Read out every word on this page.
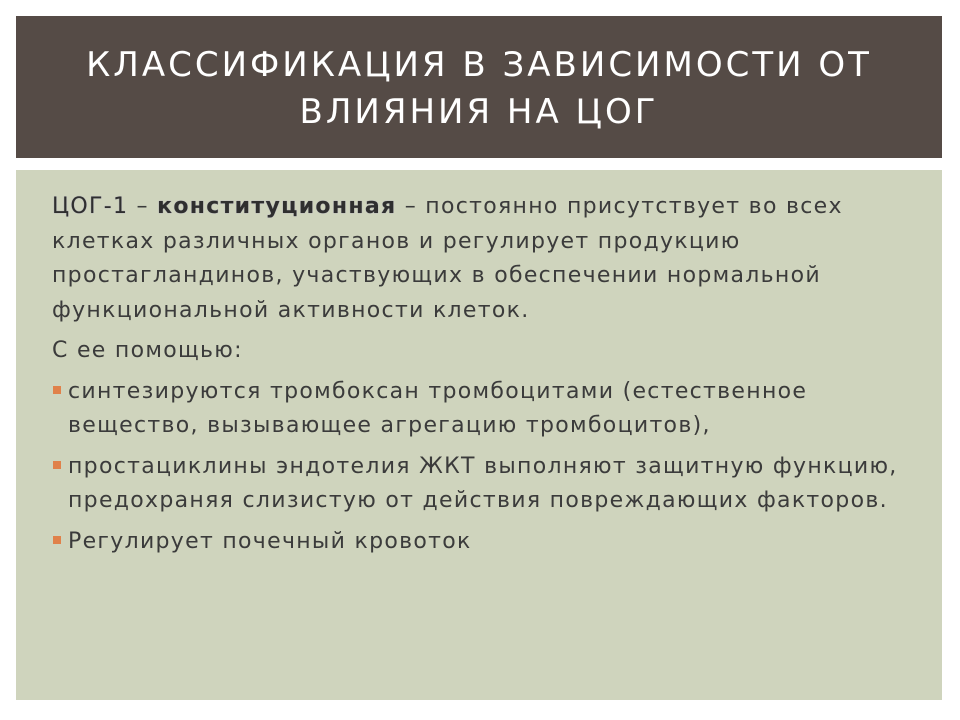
КЛАССИФИКАЦИЯ В ЗАВИСИМОСТИ ОТ ВЛИЯНИЯ НА ЦОГ

ЦОГ-1 – конституционная – постоянно присутствует во всех клетках различных органов и регулирует продукцию простагландинов, участвующих в обеспечении нормальной функциональной активности клеток.

С ее помощью:

синтезируются тромбоксан тромбоцитами (естественное вещество, вызывающее агрегацию тромбоцитов),
простациклины эндотелия ЖКТ выполняют защитную функцию, предохраняя слизистую от действия повреждающих факторов.
Регулирует почечный кровоток
